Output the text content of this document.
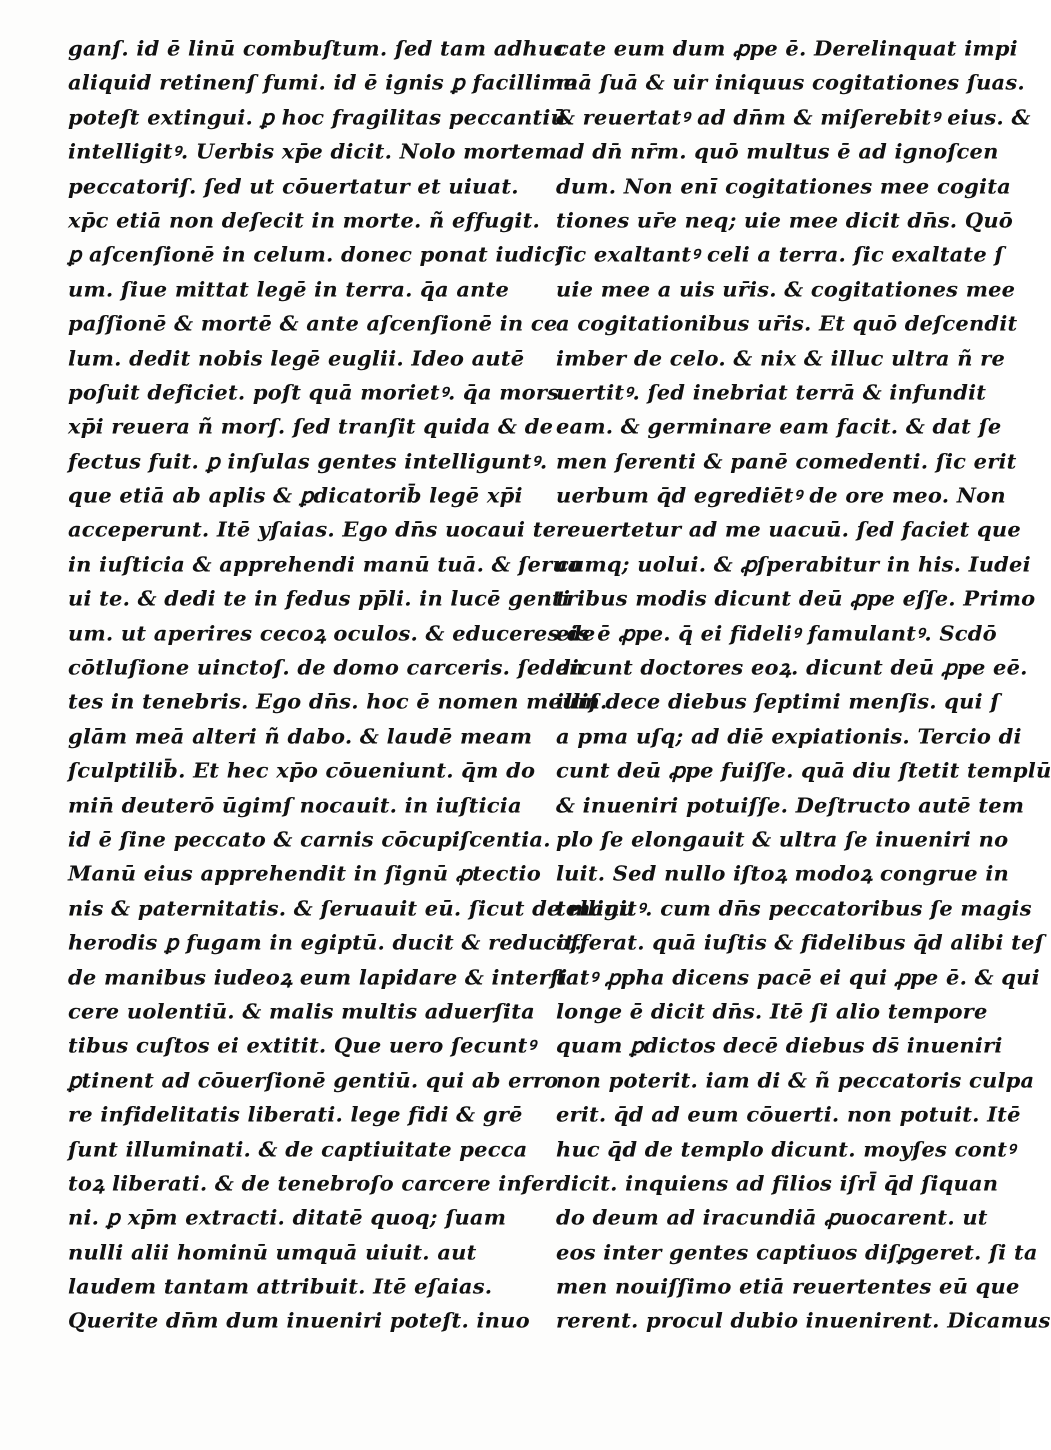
ganſ. id ē linū combuſtum. ſed tam adhuc
aliquid retinenſ fumi. id ē ignis ꝑ facillime
poteſt extingui. ꝑ hoc fragilitas peccantiū
intelligitꝰ. Uerbis xp̄e dicit. Nolo mortem
peccatoriſ. ſed ut cōuertatur et uiuat.
xp̄c etiā non deſecit in morte. ñ effugit.
ꝑ aſcenſionē in celum. donec ponat iudici
um. ſiue mittat legē in terra. q̄a ante
paſſionē & mortē & ante aſcenſionē in ce
lum. dedit nobis legē euglii. Ideo autē
poſuit deficiet. poſt quā morietꝰ. q̄a mors
xp̄i reuera ñ morſ. ſed tranſit quida & de
fectus fuit. ꝑ inſulas gentes intelliguntꝰ.
que etiā ab aplis & ꝑdicatorib̄ legē xp̄i
acceperunt. Itē yſaias. Ego dn̄s uocaui te
in iuſticia & apprehendi manū tuā. & ſerua
ui te. & dedi te in fedus pp̄li. in lucē genti
um. ut aperires cecoꝝ oculos. & educeres de
cōtluſione uinctoſ. de domo carceris. ſeden
tes in tenebris. Ego dn̄s. hoc ē nomen meum.
glām meā alteri ñ dabo. & laudē meam
ſculptilib̄. Et hec xp̄o cōueniunt. q̄m do
min̄ deuterō ūgimſ nocauit. in iuſticia
id ē ſine peccato & carnis cōcupiſcentia.
Manū eius apprehendit in ſignū ꝓtectio
nis & paternitatis. & ſeruauit eū. ſicut de manu
herodis ꝑ fugam in egiptū. ducit & reducit.
de manibus iudeoꝝ eum lapidare & interfi
cere uolentiū. & malis multis aduerſita
tibus cuſtos ei extitit. Que uero ſecuntꝰ
ꝑtinent ad cōuerſionē gentiū. qui ab erro
re infidelitatis liberati. lege fidi & grē
ſunt illuminati. & de captiuitate pecca
toꝝ liberati. & de tenebroſo carcere infer
ni. ꝑ xp̄m extracti. ditatē quoq; ſuam
nulli alii hominū umquā uiuit. aut
laudem tantam attribuit. Itē eſaias.
Querite dn̄m dum inueniri poteſt. inuo
cate eum dum ꝓpe ē. Derelinquat impi
mā ſuā & uir iniquus cogitationes ſuas.
& reuertatꝰ ad dn̄m & miſerebitꝰ eius. &
ad dn̄ nr̄m. quō multus ē ad ignoſcen
dum. Non enī cogitationes mee cogita
tiones ur̄e neq; uie mee dicit dn̄s. Quō
ſic exaltantꝰ celi a terra. ſic exaltate ſ
uie mee a uis ur̄is. & cogitationes mee
a cogitationibus ur̄is. Et quō deſcendit
imber de celo. & nix & illuc ultra ñ re
uertitꝰ. ſed inebriat terrā & infundit
eam. & germinare eam facit. & dat ſe
men ſerenti & panē comedenti. ſic erit
uerbum q̄d egrediētꝰ de ore meo. Non
reuertetur ad me uacuū. ſed faciet que
cumq; uolui. & ꝓſperabitur in his. Iudei
tribus modis dicunt deū ꝓpe eſſe. Primo
eis ē ꝓpe. q̄ ei fideliꝰ famulantꝰ. Scdō
dicunt doctores eoꝝ. dicunt deū ꝓpe eē.
illiſ dece diebus ſeptimi menſis. qui ſ
a pma uſq; ad diē expiationis. Tercio di
cunt deū ꝓpe fuiſſe. quā diu ſtetit templū
& inueniri potuiſſe. Deſtructo autē tem
plo ſe elongauit & ultra ſe inueniri no
luit. Sed nullo iſtoꝝ modoꝝ congrue in
telligitꝰ. cum dn̄s peccatoribus ſe magis
offerat. quā iuſtis & fidelibus q̄d alibi teſ
tatꝰ ꝓpha dicens pacē ei qui ꝓpe ē. & qui
longe ē dicit dn̄s. Itē ſi alio tempore
quam ꝑdictos decē diebus ds̄ inueniri
non poterit. iam di & ñ peccatoris culpa
erit. q̄d ad eum cōuerti. non potuit. Itē
huc q̄d de templo dicunt. moyſes contꝰ
dicit. inquiens ad filios iſrl̄ q̄d ſiquan
do deum ad iracundiā ꝓuocarent. ut
eos inter gentes captiuos diſꝑgeret. ſi ta
men nouiſſimo etiā reuertentes eū que
rerent. procul dubio inuenirent. Dicamus
